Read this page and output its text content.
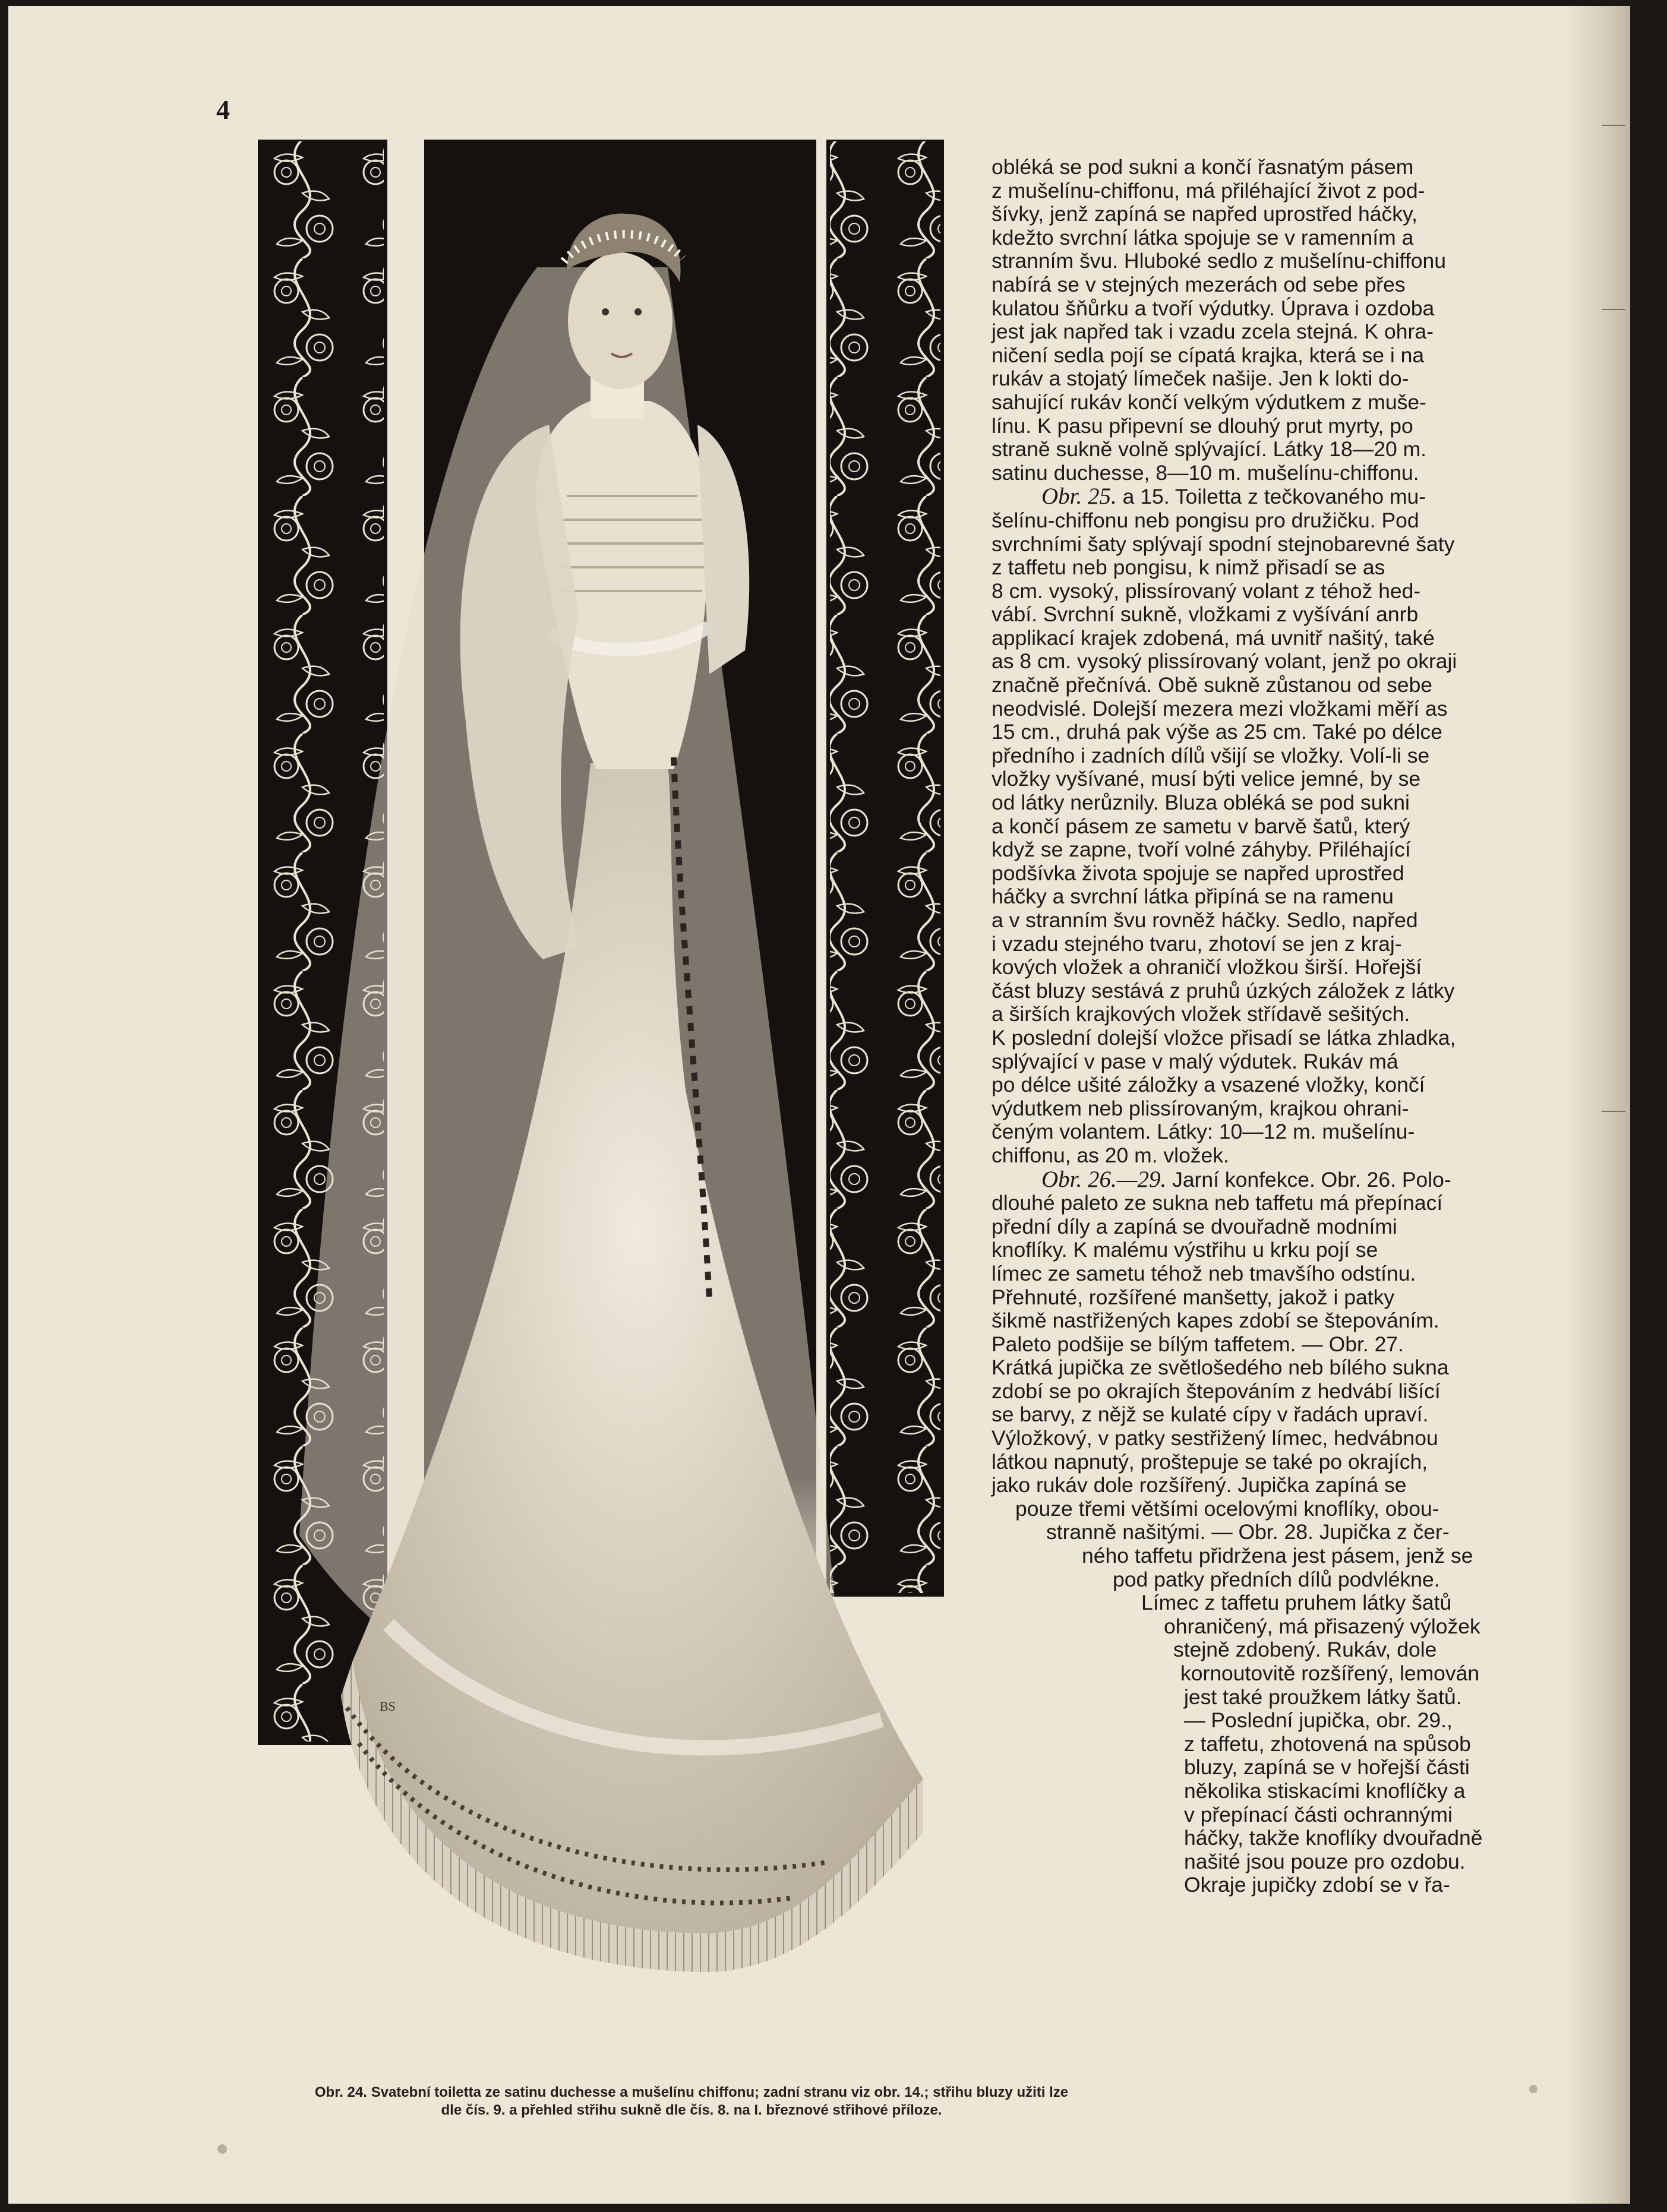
4
BS

obléká se pod sukni a končí řasnatým pásem
z mušelínu-chiffonu, má přiléhající život z pod-
šívky, jenž zapíná se napřed uprostřed háčky,
kdežto svrchní látka spojuje se v ramenním a
stranním švu. Hluboké sedlo z mušelínu-chiffonu
nabírá se v stejných mezerách od sebe přes
kulatou šňůrku a tvoří výdutky. Úprava i ozdoba
jest jak napřed tak i vzadu zcela stejná. K ohra-
ničení sedla pojí se cípatá krajka, která se i na
rukáv a stojatý límeček našije. Jen k lokti do-
sahující rukáv končí velkým výdutkem z muše-
línu. K pasu připevní se dlouhý prut myrty, po
straně sukně volně splývající. Látky 18—20 m.
satinu duchesse, 8—10 m. mušelínu-chiffonu.
Obr. 25. a 15. Toiletta z tečkovaného mu-
šelínu-chiffonu neb pongisu pro družičku. Pod
svrchními šaty splývají spodní stejnobarevné šaty
z taffetu neb pongisu, k nimž přisadí se as
8 cm. vysoký, plissírovaný volant z téhož hed-
vábí. Svrchní sukně, vložkami z vyšívání anrb
applikací krajek zdobená, má uvnitř našitý, také
as 8 cm. vysoký plissírovaný volant, jenž po okraji
značně přečnívá. Obě sukně zůstanou od sebe
neodvislé. Dolejší mezera mezi vložkami měří as
15 cm., druhá pak výše as 25 cm. Také po délce
předního i zadních dílů všijí se vložky. Volí-li se
vložky vyšívané, musí býti velice jemné, by se
od látky nerůznily. Bluza obléká se pod sukni
a končí pásem ze sametu v barvě šatů, který
když se zapne, tvoří volné záhyby. Přiléhající
podšívka života spojuje se napřed uprostřed
háčky a svrchní látka připíná se na ramenu
a v stranním švu rovněž háčky. Sedlo, napřed
i vzadu stejného tvaru, zhotoví se jen z kraj-
kových vložek a ohraničí vložkou širší. Hořejší
část bluzy sestává z pruhů úzkých záložek z látky
a širších krajkových vložek střídavě sešitých.
K poslední dolejší vložce přisadí se látka zhladka,
splývající v pase v malý výdutek. Rukáv má
po délce ušité záložky a vsazené vložky, končí
výdutkem neb plissírovaným, krajkou ohrani-
čeným volantem. Látky: 10—12 m. mušelínu-
chiffonu, as 20 m. vložek.
Obr. 26.—29. Jarní konfekce. Obr. 26. Polo-
dlouhé paleto ze sukna neb taffetu má přepínací
přední díly a zapíná se dvouřadně modními
knoflíky. K malému výstřihu u krku pojí se
límec ze sametu téhož neb tmavšího odstínu.
Přehnuté, rozšířené manšetty, jakož i patky
šikmě nastřižených kapes zdobí se štepováním.
Paleto podšije se bílým taffetem. — Obr. 27.
Krátká jupička ze světlošedého neb bílého sukna
zdobí se po okrajích štepováním z hedvábí lišící
se barvy, z nějž se kulaté cípy v řadách upraví.
Výložkový, v patky sestřižený límec, hedvábnou
látkou napnutý, proštepuje se také po okrajích,
jako rukáv dole rozšířený. Jupička zapíná se
pouze třemi většími ocelovými knoflíky, obou-
stranně našitými. — Obr. 28. Jupička z čer-
ného taffetu přidržena jest pásem, jenž se
pod patky předních dílů podvlékne.
Límec z taffetu pruhem látky šatů
ohraničený, má přisazený výložek
stejně zdobený. Rukáv, dole
kornoutovitě rozšířený, lemován
jest také proužkem látky šatů.
— Poslední jupička, obr. 29.,
z taffetu, zhotovená na spůsob
bluzy, zapíná se v hořejší části
několika stiskacími knoflíčky a
v přepínací části ochrannými
háčky, takže knoflíky dvouřadně
našité jsou pouze pro ozdobu.
Okraje jupičky zdobí se v řa-

Obr. 24. Svatební toiletta ze satinu duchesse a mušelínu chiffonu; zadní stranu viz obr. 14.; střihu bluzy užiti lze
dle čís. 9. a přehled střihu sukně dle čís. 8. na I. březnové střihové příloze.
